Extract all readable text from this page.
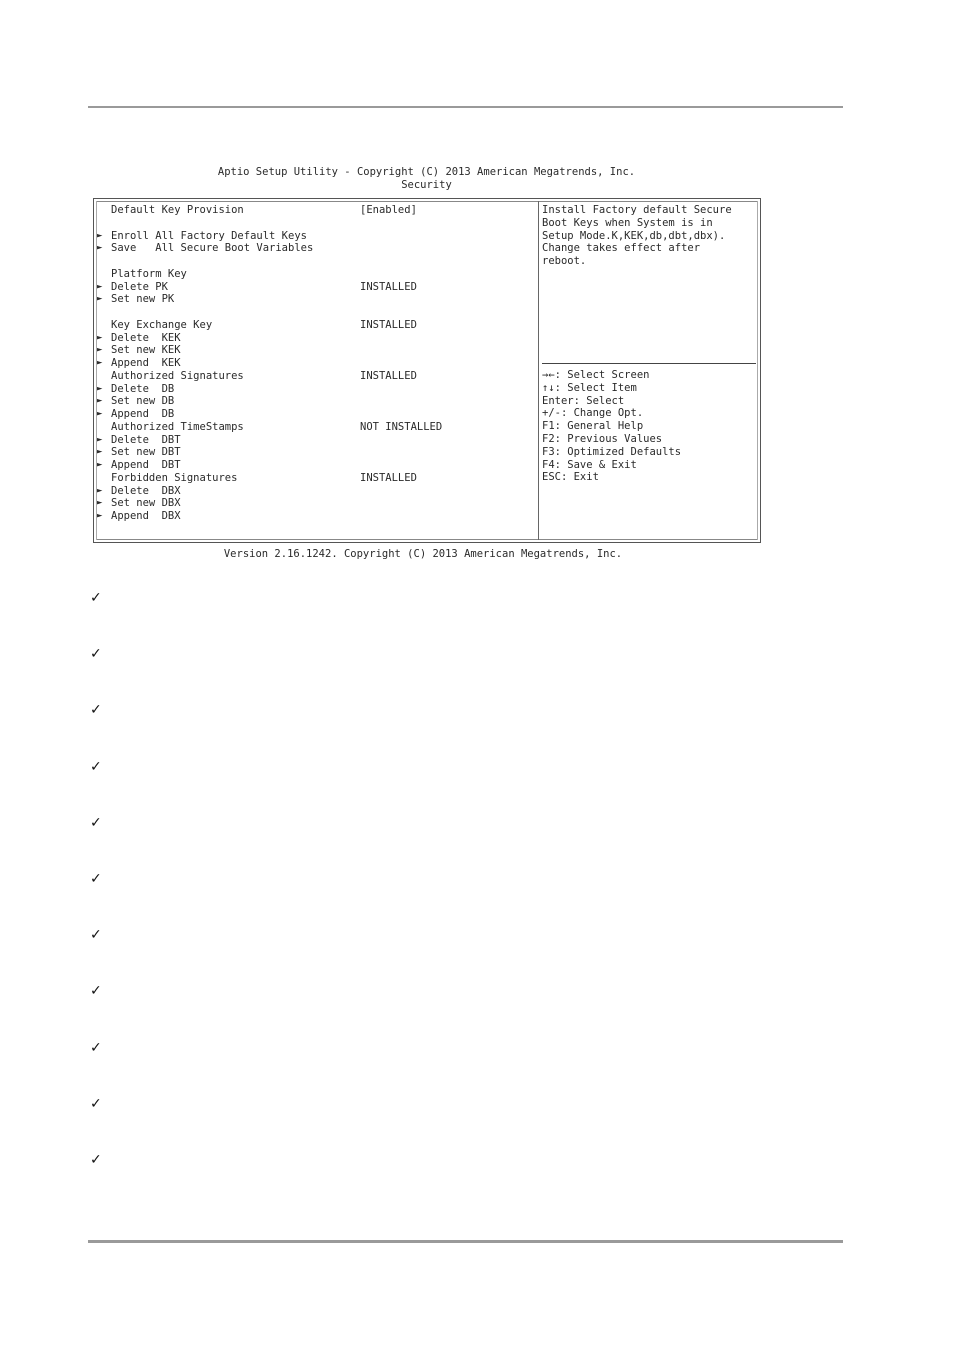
Aptio Setup Utility - Copyright (C) 2013 American Megatrends, Inc.
Security
Default Key Provision	[Enabled]
► Enroll All Factory Default Keys
► Save   All Secure Boot Variables
Platform Key
► Delete PK	INSTALLED
► Set new PK
Key Exchange Key	INSTALLED
► Delete  KEK
► Set new KEK
► Append  KEK
Authorized Signatures	INSTALLED
► Delete  DB
► Set new DB
► Append  DB
Authorized TimeStamps	NOT INSTALLED
► Delete  DBT
► Set new DBT
► Append  DBT
Forbidden Signatures	INSTALLED
► Delete  DBX
► Set new DBX
► Append  DBX
Install Factory default Secure
Boot Keys when System is in
Setup Mode.K,KEK,db,dbt,dbx).
Change takes effect after
reboot.
→←: Select Screen
↑↓: Select Item
Enter: Select
+/-: Change Opt.
F1: General Help
F2: Previous Values
F3: Optimized Defaults
F4: Save & Exit
ESC: Exit
Version 2.16.1242. Copyright (C) 2013 American Megatrends, Inc.
✓
✓
✓
✓
✓
✓
✓
✓
✓
✓
✓
